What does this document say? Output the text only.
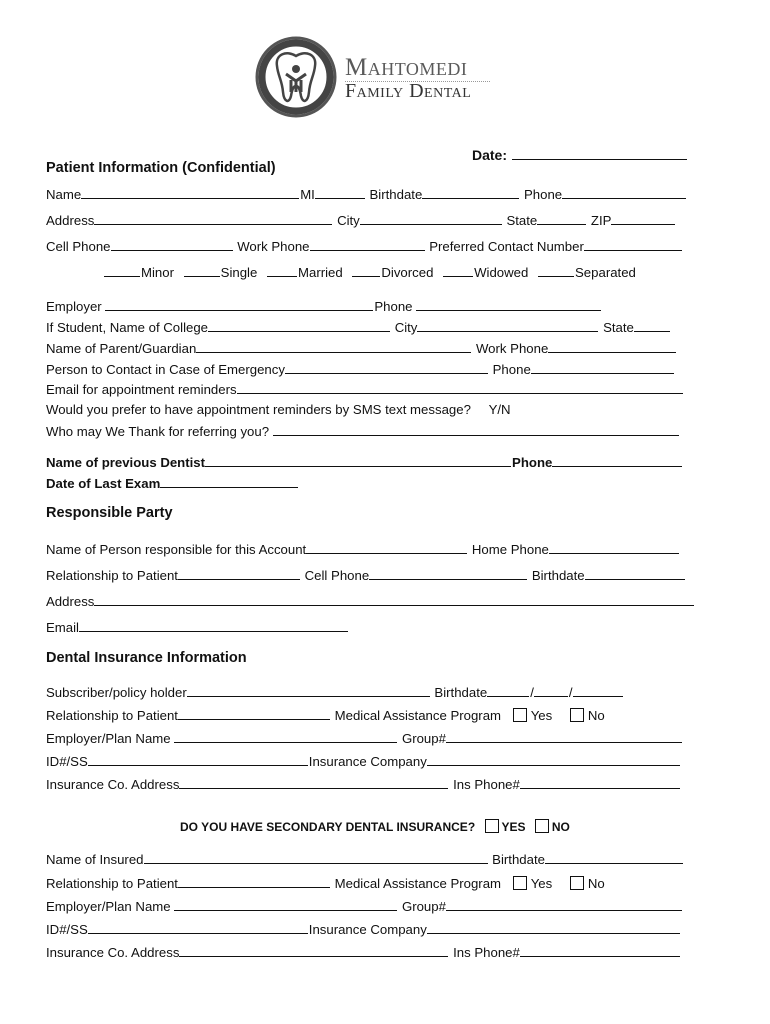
Mahtomedi
Family Dental
Date:
Patient Information (Confidential)
Name	MI	Birthdate	Phone
Address	City	State	ZIP
Cell Phone	Work Phone	Preferred Contact Number
Minor	Single	Married	Divorced	Widowed	Separated
Employer	Phone
If Student, Name of College	City	State
Name of Parent/Guardian	Work Phone
Person to Contact in Case of Emergency	Phone
Email for appointment reminders
Would you prefer to have appointment reminders by SMS text message? Y/N
Who may We Thank for referring you?
Name of previous Dentist	Phone
Date of Last Exam
Responsible Party
Name of Person responsible for this Account	Home Phone
Relationship to Patient	Cell Phone	Birthdate
Address
Email
Dental Insurance Information
Subscriber/policy holder	Birthdate	/	/
Relationship to Patient	Medical Assistance Program Yes	No
Employer/Plan Name	Group#
ID#/SS	Insurance Company
Insurance Co. Address	Ins Phone#
DO YOU HAVE SECONDARY DENTAL INSURANCE? YES NO
Name of Insured	Birthdate
Relationship to Patient	Medical Assistance Program Yes	No
Employer/Plan Name	Group#
ID#/SS	Insurance Company
Insurance Co. Address	Ins Phone#
